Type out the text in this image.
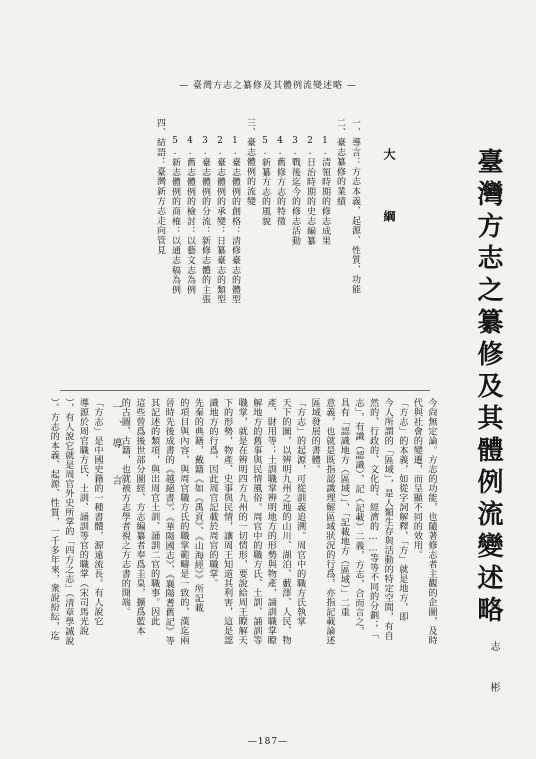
— 臺灣方志之纂修及其體例流變述略 —
臺灣方志之纂修及其體例流變述略
高 志 彬
大 綱
一、導言：方志本義、起源、性質、功能
二、臺志纂修的業績
1.清領時期的修志成果
2.日治時期的史志編纂
3.戰後迄今的修志活動
4.舊修方志的特徵
5.新纂方志的風貌
三、臺志體例的流變
1.臺志體例的創格：清修臺志的體型
2.臺志體例的承變：日纂臺志的類型
3.臺志體例的分流：新修志體的主張
4.舊志體例的檢討：以藝文志為例
5.新志體例的商榷：以通志稿為例
四、結語：臺灣新方志走向管見
一、導 言
「方志」是中國史籍的一種書體，源遠流長。有人說它
導源於周官職方氏、土訓、誦訓等官的職掌（宋司馬光說
），有人說它就是周官外史所掌的「四方之志」（清章學誠說
）。方志的本義、起源、性質，一千多年來，衆說紛紜，迄	今尙無定論。方志的功能，也隨著修志者主觀的企圖，及時
代與社會的變遷，而呈顯不同的效用。
「方志」的本義，如從字詞解釋，「方」就是地方，即
今人所謂的「區域」，是人類生存與活動的特定空間，有自
然的、行政的、文化的、經濟的……等等不同的分劃；「
志」，有識（認識）、記（記載）二義，方志，合而言之，
具有「認識地方（區域）」、「記載地方（區域）」二重
意義，也就是既指認識理解區域狀況的行爲，亦指記載論述
區域發展的書體。
「方志」的起源，可從訓義追溯。周官中的職方氏執掌
天下的圖，以辨明九州之地的山川、湖泊、藪澤、人民、物
產、財用等；土訓職掌辨明地方的形勢與物產，誦訓職掌瞭
解地方的舊事與民情風俗。周官中的職方氏、土訓、誦訓等
職掌，就是在辨明四方九州的一切情形，要說給周王瞭解天
下的形勢，物產、史事與民情，讓周王知道其利害，這是認
識地方的行爲，因此周官記載於周官的職掌。
先秦的典籍，戴籍《如《禹貢》、《山海經》》所記載
的項目與內容，與周官職方氏的職掌範疇是一致的，漢迄兩
晉時先後成書的《越絕書》、《華陽國志》、《襄陽耆舊記》等
其記述的類項，與出周官土訓、誦訓二官的職事。因此
這些曾爲後世部分圖經、方志編纂者奉爲圭臬，擴爲藍本
的古圖、古籍，也就被方志學者視之方志書的開端。
—187—
